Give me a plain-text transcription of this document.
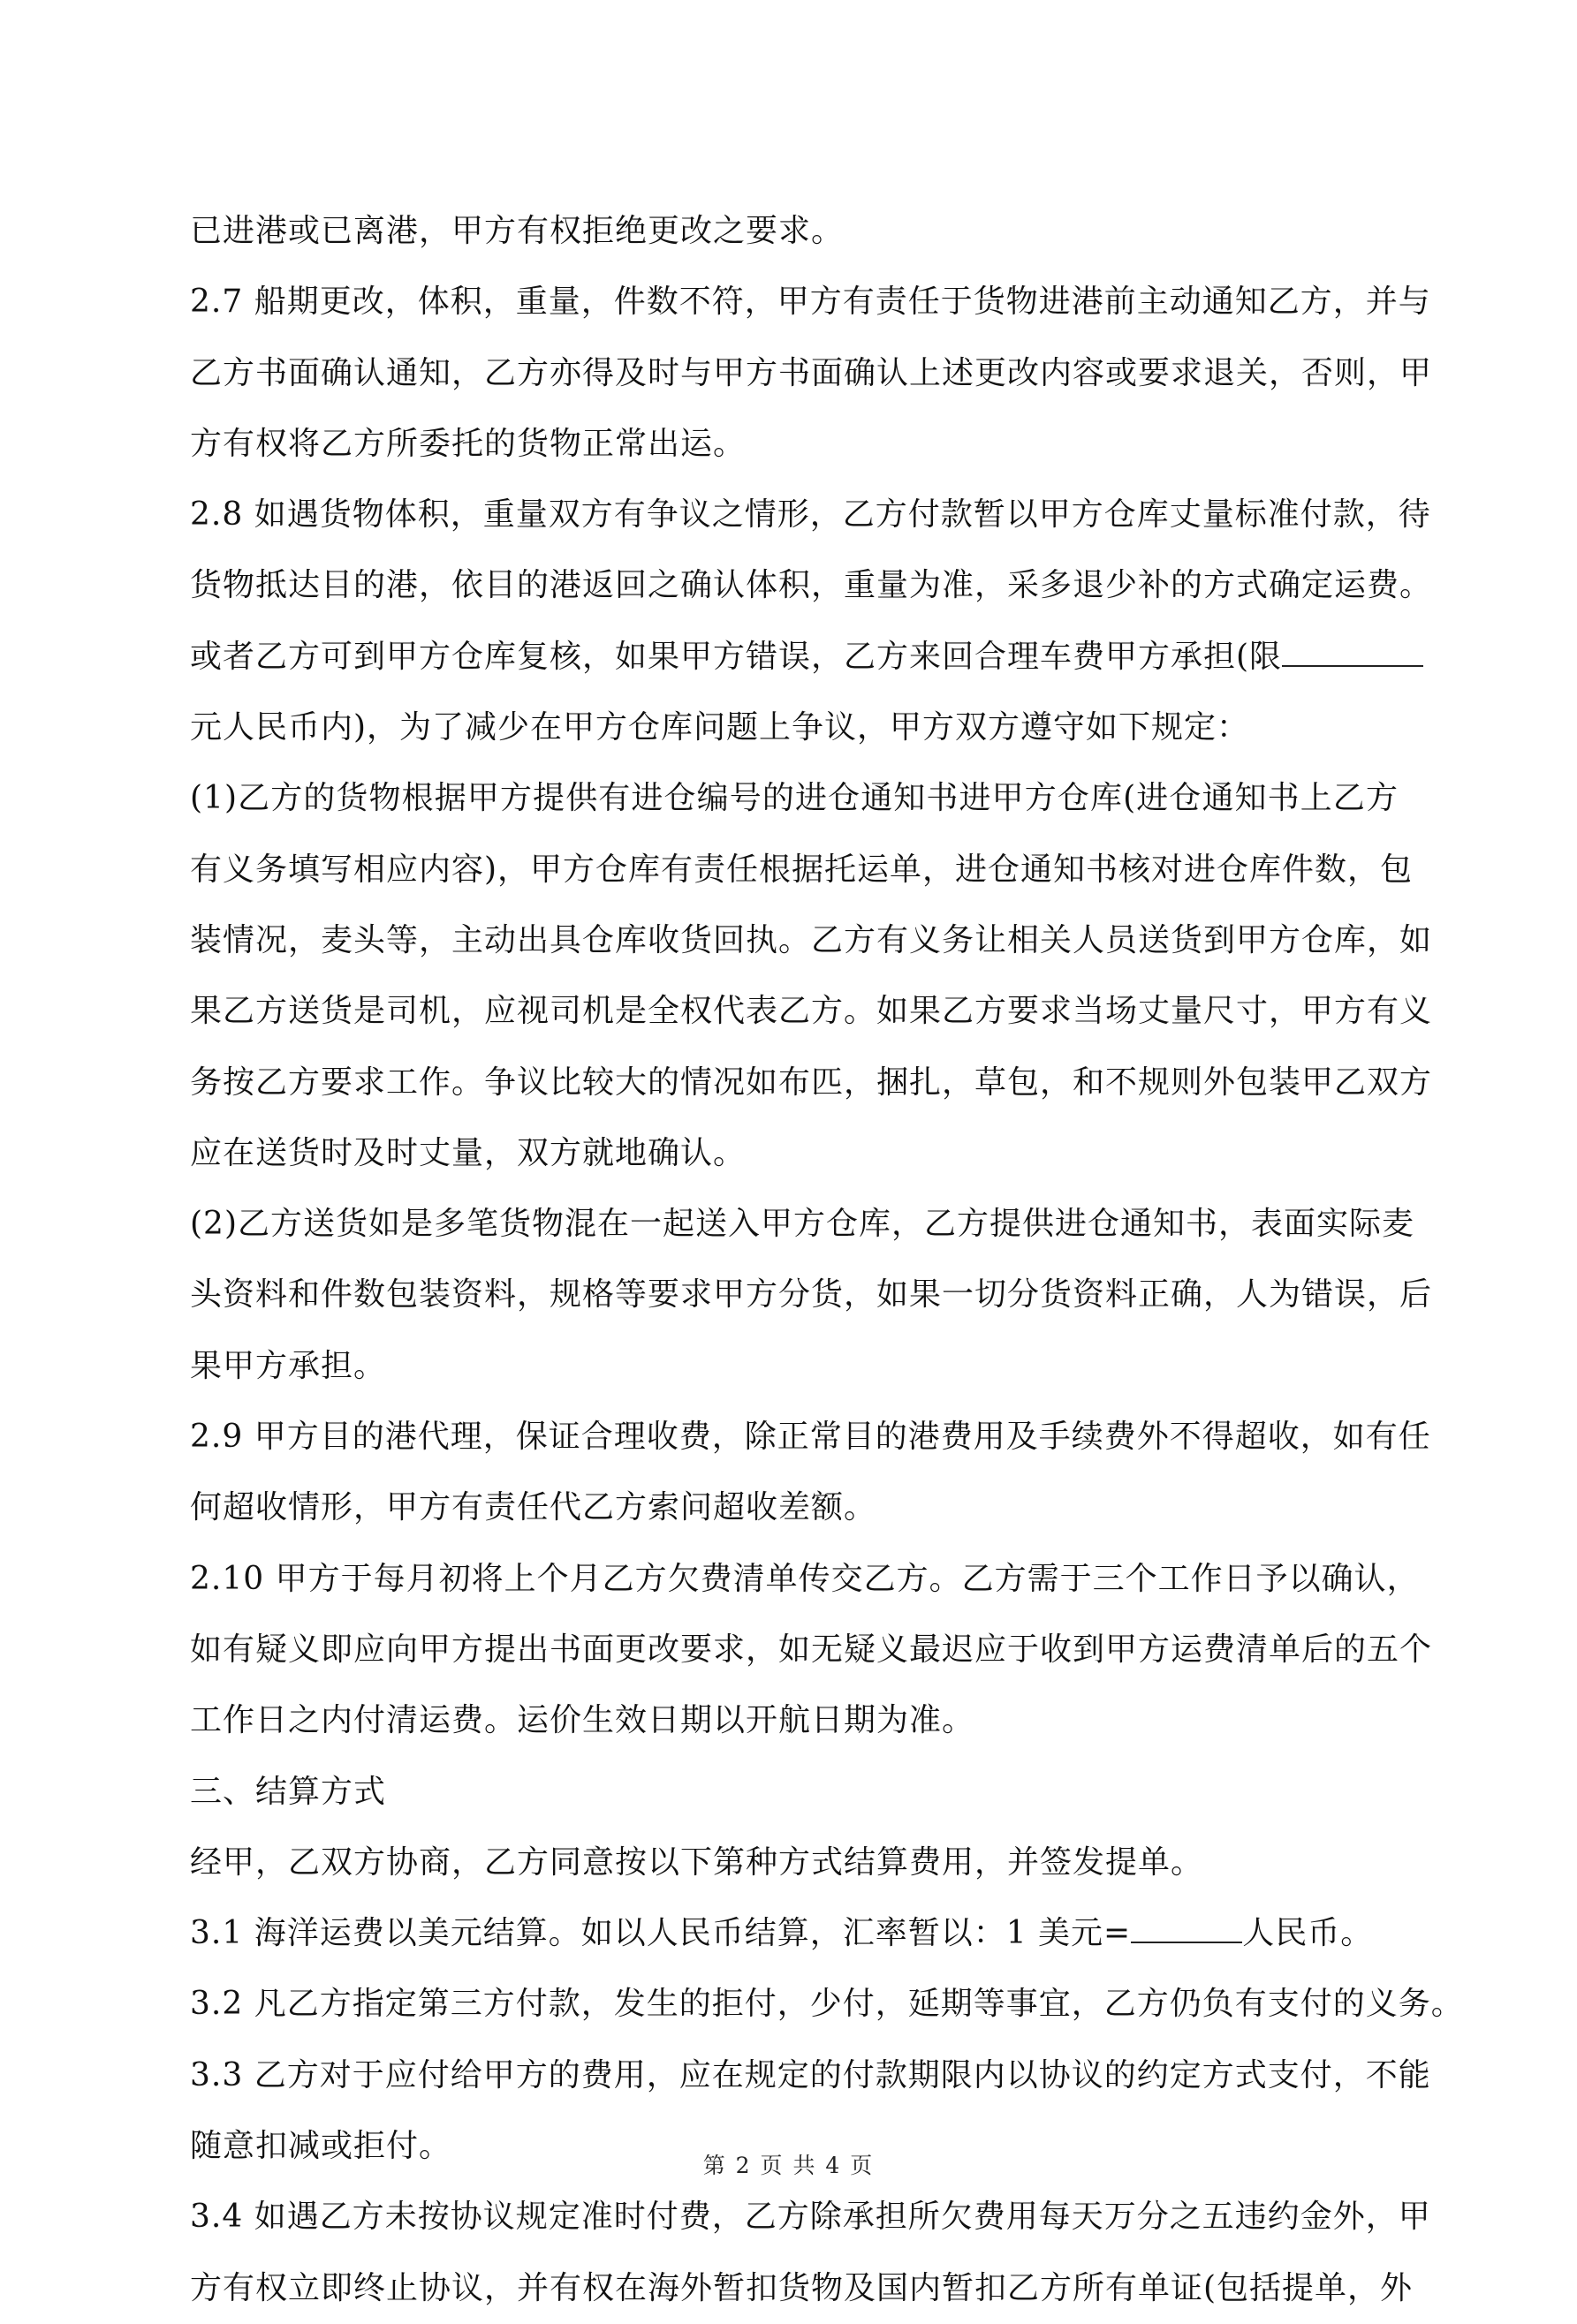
已进港或已离港，甲方有权拒绝更改之要求。
2.7 船期更改，体积，重量，件数不符，甲方有责任于货物进港前主动通知乙方，并与
乙方书面确认通知，乙方亦得及时与甲方书面确认上述更改内容或要求退关，否则，甲
方有权将乙方所委托的货物正常出运。
2.8 如遇货物体积，重量双方有争议之情形，乙方付款暂以甲方仓库丈量标准付款，待
货物抵达目的港，依目的港返回之确认体积，重量为准，采多退少补的方式确定运费。
或者乙方可到甲方仓库复核，如果甲方错误，乙方来回合理车费甲方承担(限
元人民币内)，为了减少在甲方仓库问题上争议，甲方双方遵守如下规定：
(1)乙方的货物根据甲方提供有进仓编号的进仓通知书进甲方仓库(进仓通知书上乙方
有义务填写相应内容)，甲方仓库有责任根据托运单，进仓通知书核对进仓库件数，包
装情况，麦头等，主动出具仓库收货回执。乙方有义务让相关人员送货到甲方仓库，如
果乙方送货是司机，应视司机是全权代表乙方。如果乙方要求当场丈量尺寸，甲方有义
务按乙方要求工作。争议比较大的情况如布匹，捆扎，草包，和不规则外包装甲乙双方
应在送货时及时丈量，双方就地确认。
(2)乙方送货如是多笔货物混在一起送入甲方仓库，乙方提供进仓通知书，表面实际麦
头资料和件数包装资料，规格等要求甲方分货，如果一切分货资料正确，人为错误，后
果甲方承担。
2.9 甲方目的港代理，保证合理收费，除正常目的港费用及手续费外不得超收，如有任
何超收情形，甲方有责任代乙方索问超收差额。
2.10 甲方于每月初将上个月乙方欠费清单传交乙方。乙方需于三个工作日予以确认，
如有疑义即应向甲方提出书面更改要求，如无疑义最迟应于收到甲方运费清单后的五个
工作日之内付清运费。运价生效日期以开航日期为准。
三、结算方式
经甲，乙双方协商，乙方同意按以下第种方式结算费用，并签发提单。
3.1 海洋运费以美元结算。如以人民币结算，汇率暂以：1 美元=	人民币。
3.2 凡乙方指定第三方付款，发生的拒付，少付，延期等事宜，乙方仍负有支付的义务。
3.3 乙方对于应付给甲方的费用，应在规定的付款期限内以协议的约定方式支付，不能
随意扣减或拒付。
3.4 如遇乙方未按协议规定准时付费，乙方除承担所欠费用每天万分之五违约金外，甲
方有权立即终止协议，并有权在海外暂扣货物及国内暂扣乙方所有单证(包括提单，外
第 2 页 共 4 页
